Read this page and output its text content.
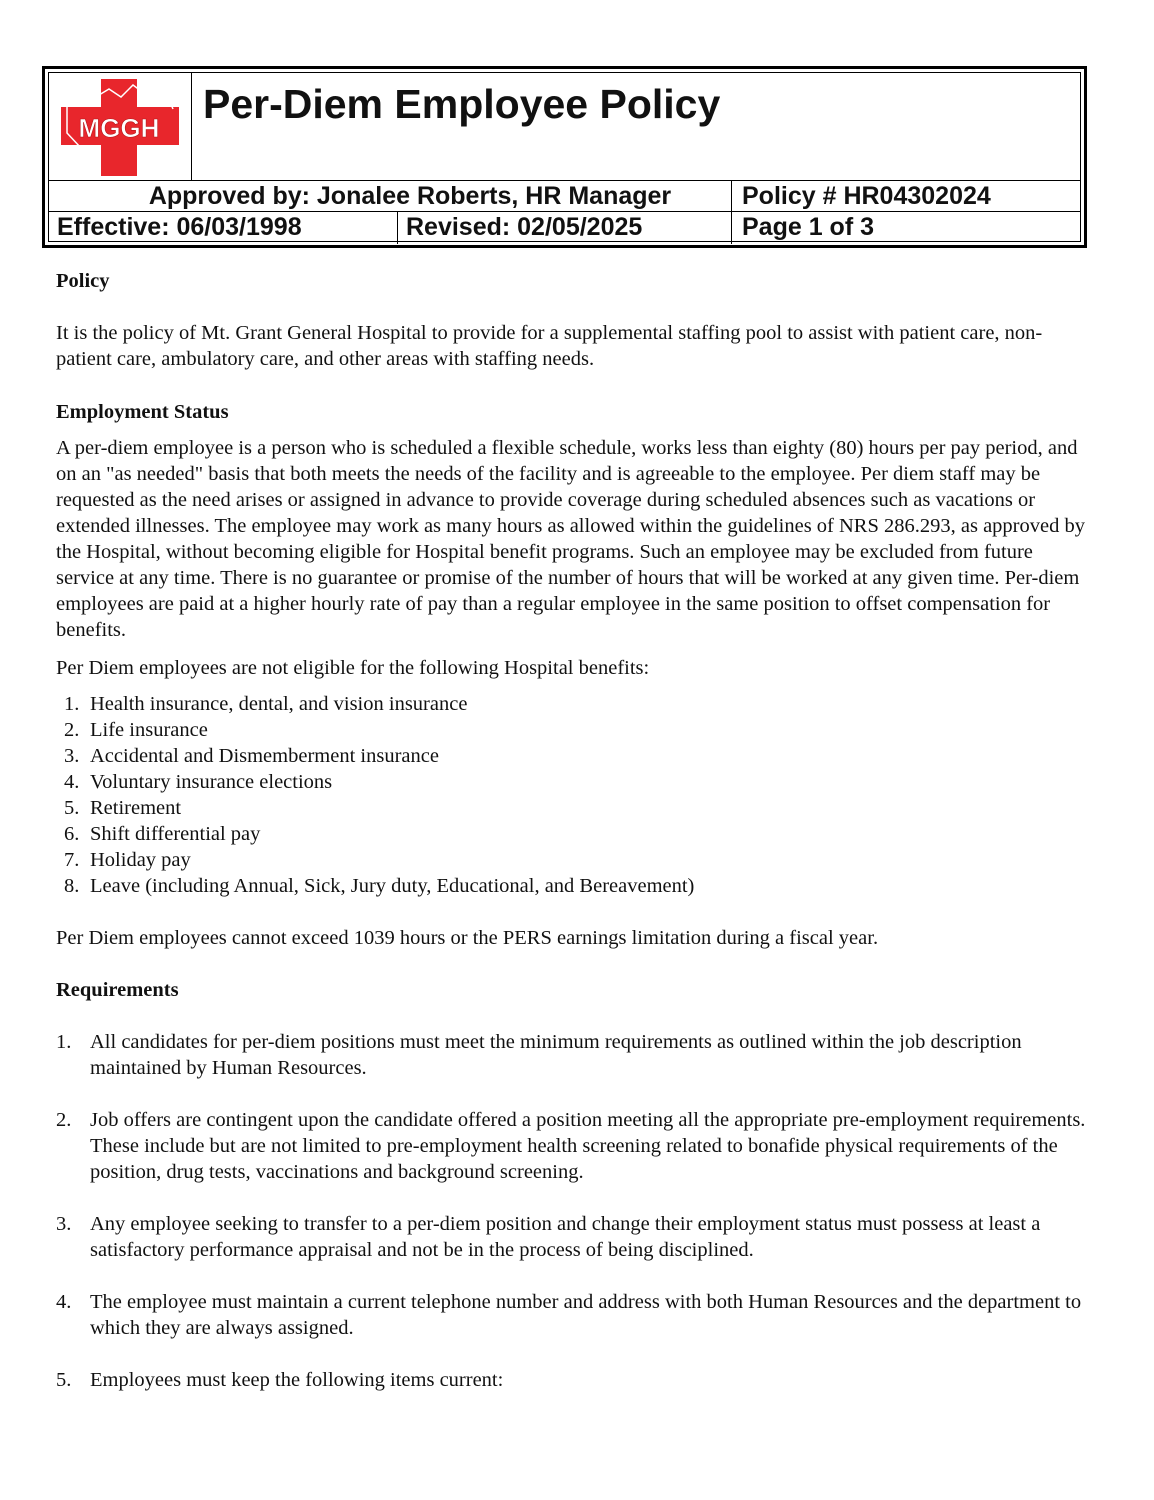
MGGH
Per-Diem Employee Policy
Approved by: Jonalee Roberts, HR Manager	Policy # HR04302024
Effective: 06/03/1998	Revised: 02/05/2025	Page 1 of 3

Policy

It is the policy of Mt. Grant General Hospital to provide for a supplemental staffing pool to assist with patient care, non-patient care, ambulatory care, and other areas with staffing needs.

Employment Status

A per-diem employee is a person who is scheduled a flexible schedule, works less than eighty (80) hours per pay period, and on an "as needed" basis that both meets the needs of the facility and is agreeable to the employee. Per diem staff may be requested as the need arises or assigned in advance to provide coverage during scheduled absences such as vacations or extended illnesses. The employee may work as many hours as allowed within the guidelines of NRS 286.293, as approved by the Hospital, without becoming eligible for Hospital benefit programs. Such an employee may be excluded from future service at any time. There is no guarantee or promise of the number of hours that will be worked at any given time. Per-diem employees are paid at a higher hourly rate of pay than a regular employee in the same position to offset compensation for benefits.

Per Diem employees are not eligible for the following Hospital benefits:

1. Health insurance, dental, and vision insurance
2. Life insurance
3. Accidental and Dismemberment insurance
4. Voluntary insurance elections
5. Retirement
6. Shift differential pay
7. Holiday pay
8. Leave (including Annual, Sick, Jury duty, Educational, and Bereavement)

Per Diem employees cannot exceed 1039 hours or the PERS earnings limitation during a fiscal year.

Requirements

1. All candidates for per-diem positions must meet the minimum requirements as outlined within the job description maintained by Human Resources.
2. Job offers are contingent upon the candidate offered a position meeting all the appropriate pre-employment requirements. These include but are not limited to pre-employment health screening related to bonafide physical requirements of the position, drug tests, vaccinations and background screening.
3. Any employee seeking to transfer to a per-diem position and change their employment status must possess at least a satisfactory performance appraisal and not be in the process of being disciplined.
4. The employee must maintain a current telephone number and address with both Human Resources and the department to which they are always assigned.
5. Employees must keep the following items current:
